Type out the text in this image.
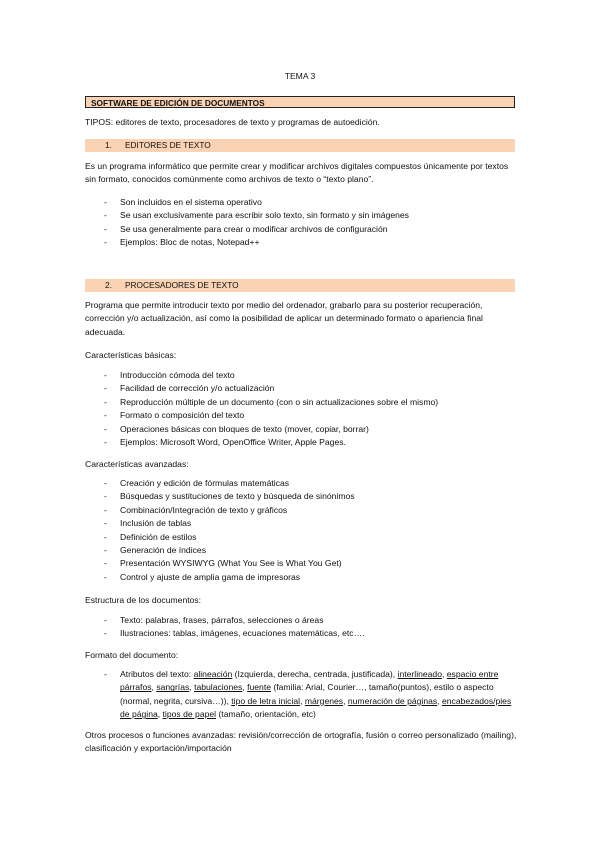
TEMA 3
SOFTWARE DE EDICIÓN DE DOCUMENTOS
TIPOS: editores de texto, procesadores de texto y programas de autoedición.
1. EDITORES DE TEXTO
Es un programa informático que permite crear y modificar archivos digitales compuestos únicamente por textos sin formato, conocidos comúnmente como archivos de texto o “texto plano”.
- Son incluidos en el sistema operativo
- Se usan exclusivamente para escribir solo texto, sin formato y sin imágenes
- Se usa generalmente para crear o modificar archivos de configuración
- Ejemplos: Bloc de notas, Notepad++
2. PROCESADORES DE TEXTO
Programa que permite introducir texto por medio del ordenador, grabarlo para su posterior recuperación, corrección y/o actualización, así como la posibilidad de aplicar un determinado formato o apariencia final adecuada.
Características básicas:
- Introducción cómoda del texto
- Facilidad de corrección y/o actualización
- Reproducción múltiple de un documento (con o sin actualizaciones sobre el mismo)
- Formato o composición del texto
- Operaciones básicas con bloques de texto (mover, copiar, borrar)
- Ejemplos: Microsoft Word, OpenOffice Writer, Apple Pages.
Características avanzadas:
- Creación y edición de fórmulas matemáticas
- Búsquedas y sustituciones de texto y búsqueda de sinónimos
- Combinación/Integración de texto y gráficos
- Inclusión de tablas
- Definición de estilos
- Generación de índices
- Presentación WYSIWYG (What You See is What You Get)
- Control y ajuste de amplia gama de impresoras
Estructura de los documentos:
- Texto: palabras, frases, párrafos, selecciones o áreas
- Ilustraciones: tablas, imágenes, ecuaciones matemáticas, etc….
Formato del documento:
- Atributos del texto: alineación (Izquierda, derecha, centrada, justificada), interlineado, espacio entre párrafos, sangrías, tabulaciones, fuente (familia: Arial, Courier…, tamaño(puntos), estilo o aspecto (normal, negrita, cursiva…)), tipo de letra inicial, márgenes, numeración de páginas, encabezados/pies de página, tipos de papel (tamaño, orientación, etc)
Otros procesos o funciones avanzadas: revisión/corrección de ortografía, fusión o correo personalizado (mailing), clasificación y exportación/importación
